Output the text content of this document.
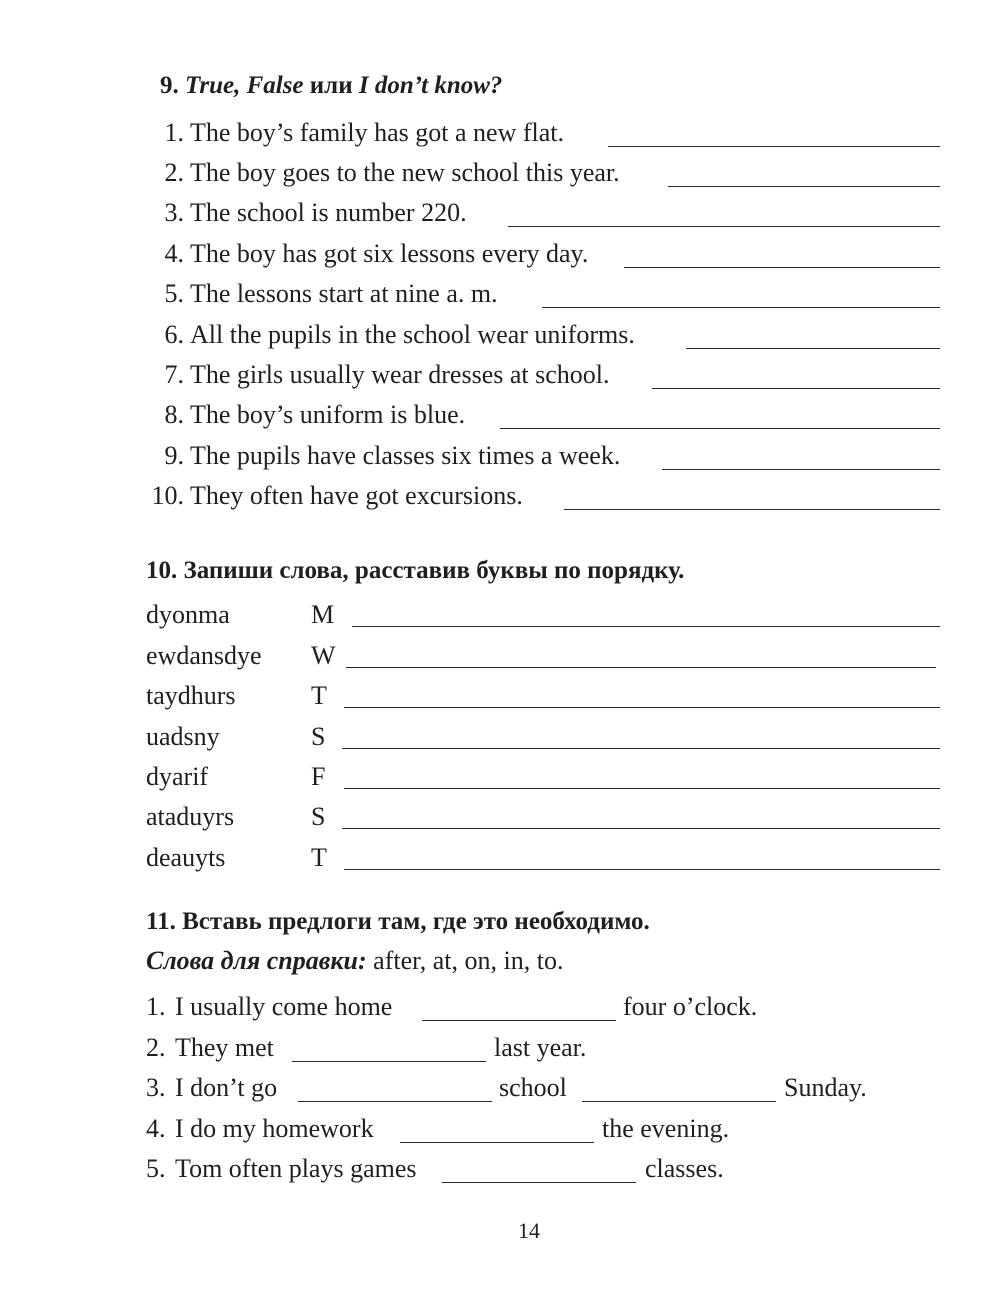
9. True, False или I don’t know?
1. The boy’s family has got a new flat.
2. The boy goes to the new school this year.
3. The school is number 220.
4. The boy has got six lessons every day.
5. The lessons start at nine a. m.
6. All the pupils in the school wear uniforms.
7. The girls usually wear dresses at school.
8. The boy’s uniform is blue.
9. The pupils have classes six times a week.
10. They often have got excursions.
10. Запиши слова, расставив буквы по порядку.
dyonma	M
ewdansdye W
taydhurs	T
uadsny	S
dyarif	F
ataduyrs	S
deauyts	T
11. Вставь предлоги там, где это необходимо.
Слова для справки: after, at, on, in, to.
1. I usually come home	four o’clock.
2. They met	last year.
3. I don’t go	school	Sunday.
4. I do my homework	the evening.
5. Tom often plays games	classes.
14
